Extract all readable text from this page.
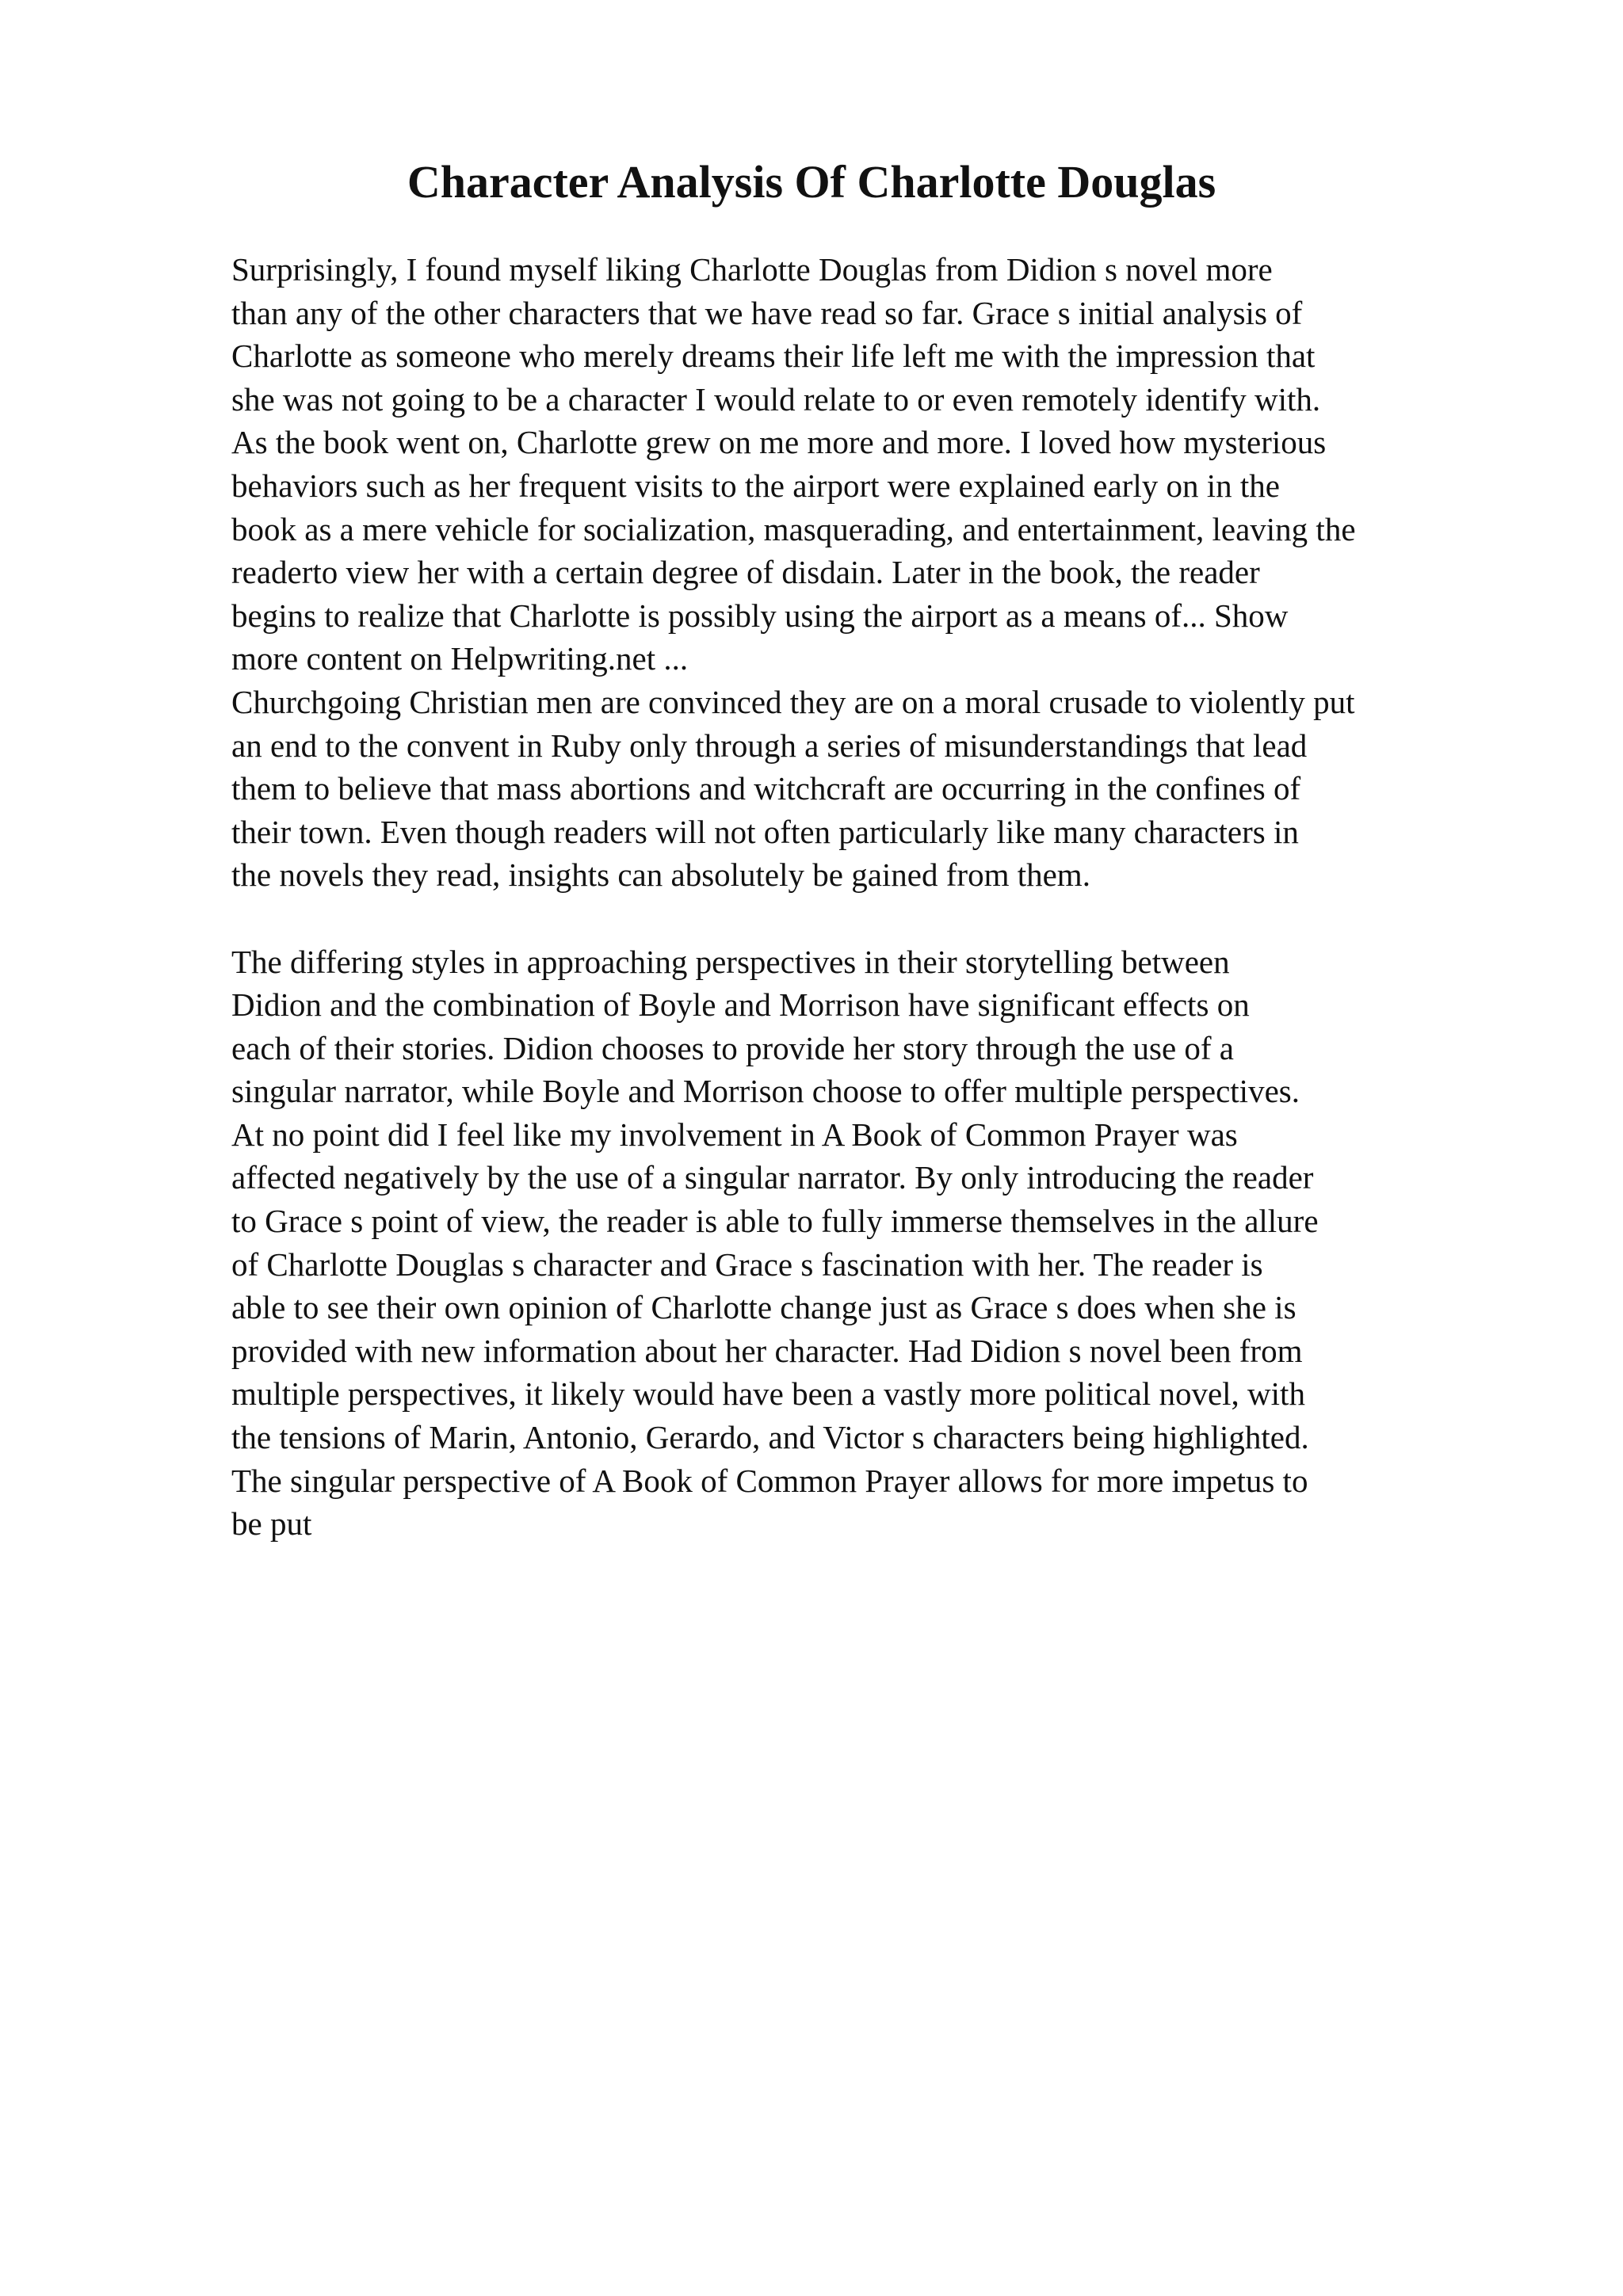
Character Analysis Of Charlotte Douglas
Surprisingly, I found myself liking Charlotte Douglas from Didion s novel more
than any of the other characters that we have read so far. Grace s initial analysis of
Charlotte as someone who merely dreams their life left me with the impression that
she was not going to be a character I would relate to or even remotely identify with.
As the book went on, Charlotte grew on me more and more. I loved how mysterious
behaviors such as her frequent visits to the airport were explained early on in the
book as a mere vehicle for socialization, masquerading, and entertainment, leaving the
readerto view her with a certain degree of disdain. Later in the book, the reader
begins to realize that Charlotte is possibly using the airport as a means of... Show
more content on Helpwriting.net ...
Churchgoing Christian men are convinced they are on a moral crusade to violently put
an end to the convent in Ruby only through a series of misunderstandings that lead
them to believe that mass abortions and witchcraft are occurring in the confines of
their town. Even though readers will not often particularly like many characters in
the novels they read, insights can absolutely be gained from them.
The differing styles in approaching perspectives in their storytelling between
Didion and the combination of Boyle and Morrison have significant effects on
each of their stories. Didion chooses to provide her story through the use of a
singular narrator, while Boyle and Morrison choose to offer multiple perspectives.
At no point did I feel like my involvement in A Book of Common Prayer was
affected negatively by the use of a singular narrator. By only introducing the reader
to Grace s point of view, the reader is able to fully immerse themselves in the allure
of Charlotte Douglas s character and Grace s fascination with her. The reader is
able to see their own opinion of Charlotte change just as Grace s does when she is
provided with new information about her character. Had Didion s novel been from
multiple perspectives, it likely would have been a vastly more political novel, with
the tensions of Marin, Antonio, Gerardo, and Victor s characters being highlighted.
The singular perspective of A Book of Common Prayer allows for more impetus to
be put
